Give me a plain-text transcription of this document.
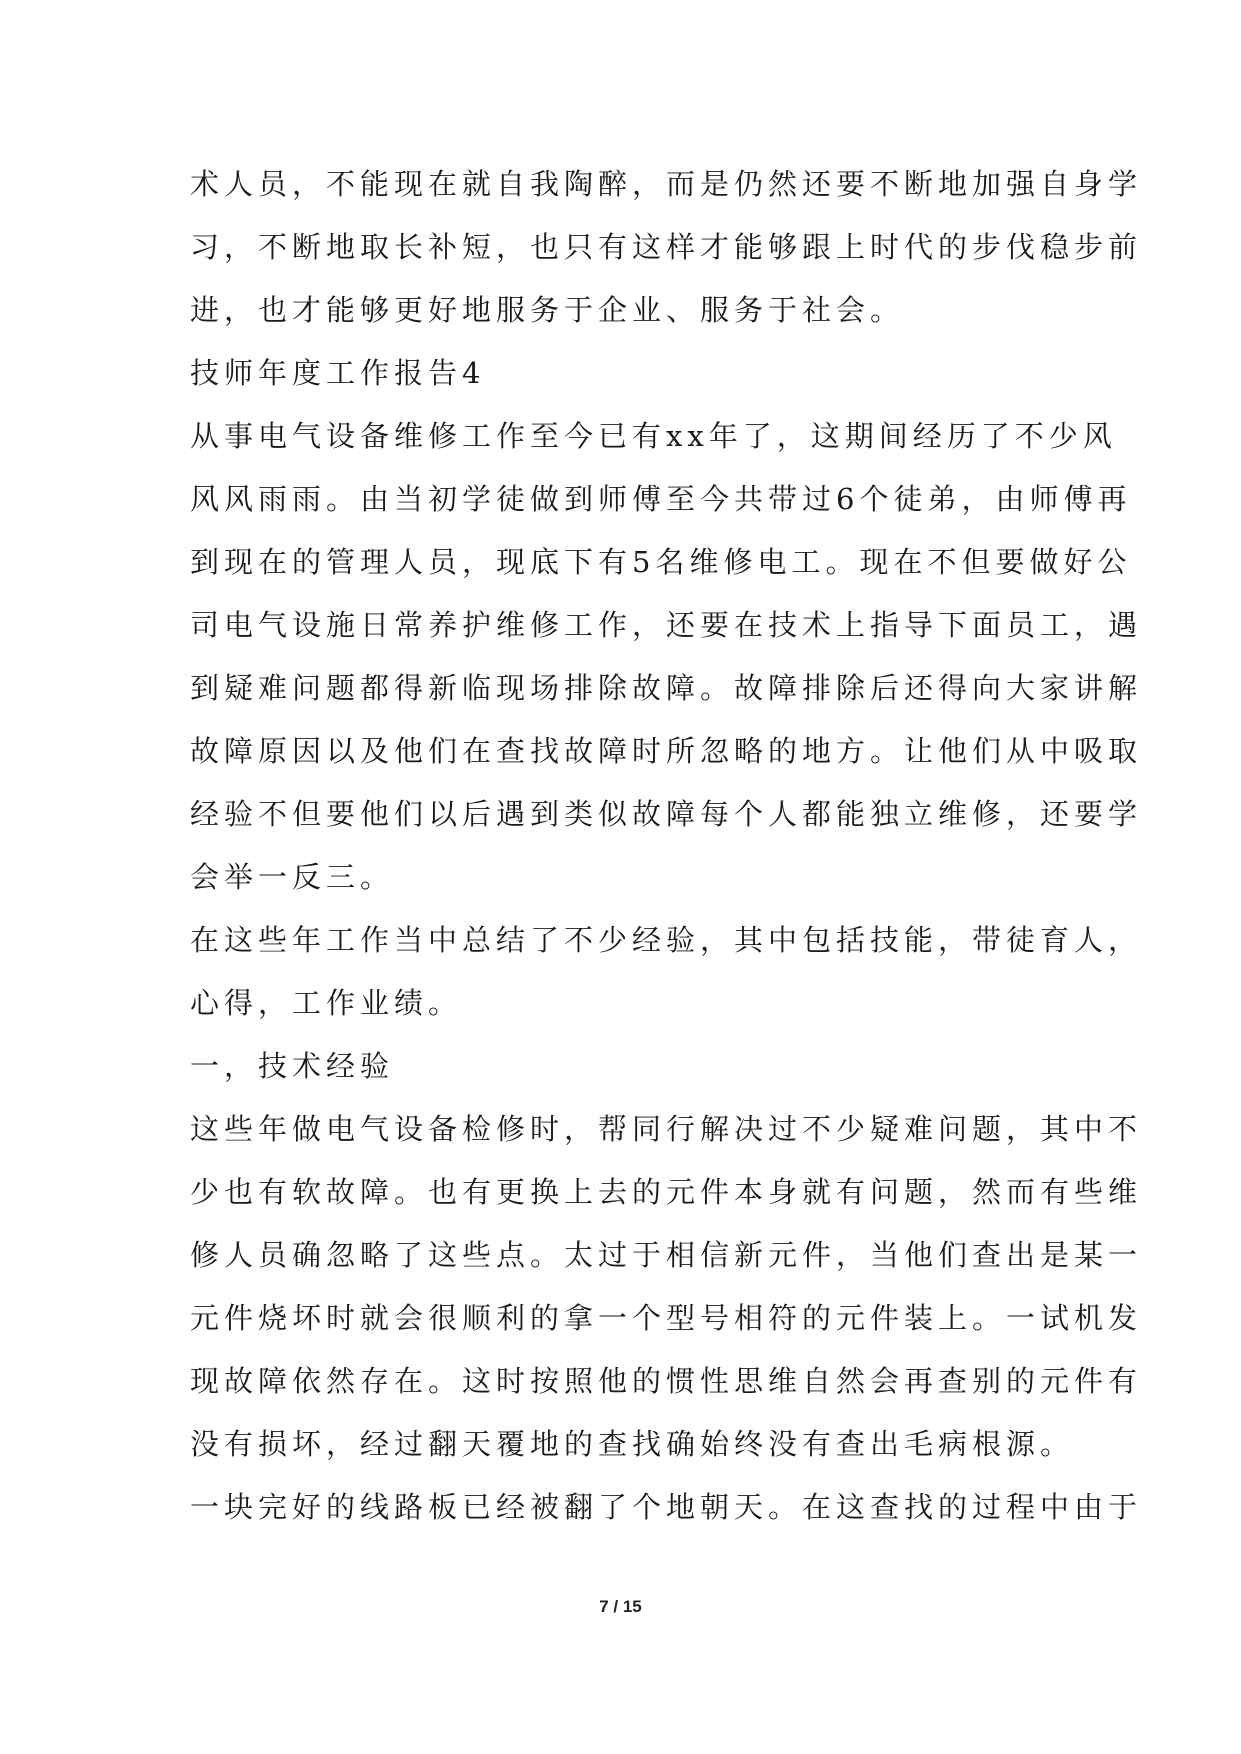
术人员，不能现在就自我陶醉，而是仍然还要不断地加强自身学
习，不断地取长补短，也只有这样才能够跟上时代的步伐稳步前
进，也才能够更好地服务于企业、服务于社会。
技师年度工作报告4
从事电气设备维修工作至今已有xx年了，这期间经历了不少风
风风雨雨。由当初学徒做到师傅至今共带过6个徒弟，由师傅再
到现在的管理人员，现底下有5名维修电工。现在不但要做好公
司电气设施日常养护维修工作，还要在技术上指导下面员工，遇
到疑难问题都得新临现场排除故障。故障排除后还得向大家讲解
故障原因以及他们在查找故障时所忽略的地方。让他们从中吸取
经验不但要他们以后遇到类似故障每个人都能独立维修，还要学
会举一反三。
在这些年工作当中总结了不少经验，其中包括技能，带徒育人，
心得，工作业绩。
一，技术经验
这些年做电气设备检修时，帮同行解决过不少疑难问题，其中不
少也有软故障。也有更换上去的元件本身就有问题，然而有些维
修人员确忽略了这些点。太过于相信新元件，当他们查出是某一
元件烧坏时就会很顺利的拿一个型号相符的元件装上。一试机发
现故障依然存在。这时按照他的惯性思维自然会再查别的元件有
没有损坏，经过翻天覆地的查找确始终没有查出毛病根源。
一块完好的线路板已经被翻了个地朝天。在这查找的过程中由于
7 / 15
